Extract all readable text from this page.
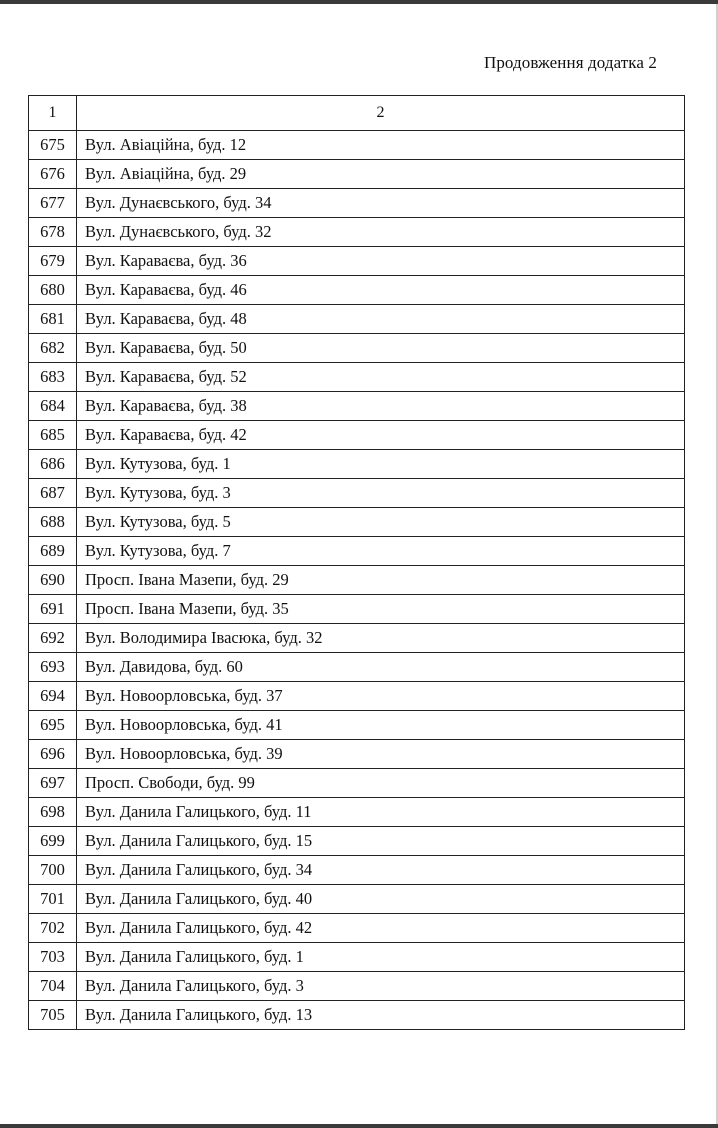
Продовження додатка 2
1	2
675	Вул. Авіаційна, буд. 12
676	Вул. Авіаційна, буд. 29
677	Вул. Дунаєвського, буд. 34
678	Вул. Дунаєвського, буд. 32
679	Вул. Караваєва, буд. 36
680	Вул. Караваєва, буд. 46
681	Вул. Караваєва, буд. 48
682	Вул. Караваєва, буд. 50
683	Вул. Караваєва, буд. 52
684	Вул. Караваєва, буд. 38
685	Вул. Караваєва, буд. 42
686	Вул. Кутузова, буд. 1
687	Вул. Кутузова, буд. 3
688	Вул. Кутузова, буд. 5
689	Вул. Кутузова, буд. 7
690	Просп. Івана Мазепи, буд. 29
691	Просп. Івана Мазепи, буд. 35
692	Вул. Володимира Івасюка, буд. 32
693	Вул. Давидова, буд. 60
694	Вул. Новоорловська, буд. 37
695	Вул. Новоорловська, буд. 41
696	Вул. Новоорловська, буд. 39
697	Просп. Свободи, буд. 99
698	Вул. Данила Галицького, буд. 11
699	Вул. Данила Галицького, буд. 15
700	Вул. Данила Галицького, буд. 34
701	Вул. Данила Галицького, буд. 40
702	Вул. Данила Галицького, буд. 42
703	Вул. Данила Галицького, буд. 1
704	Вул. Данила Галицького, буд. 3
705	Вул. Данила Галицького, буд. 13
